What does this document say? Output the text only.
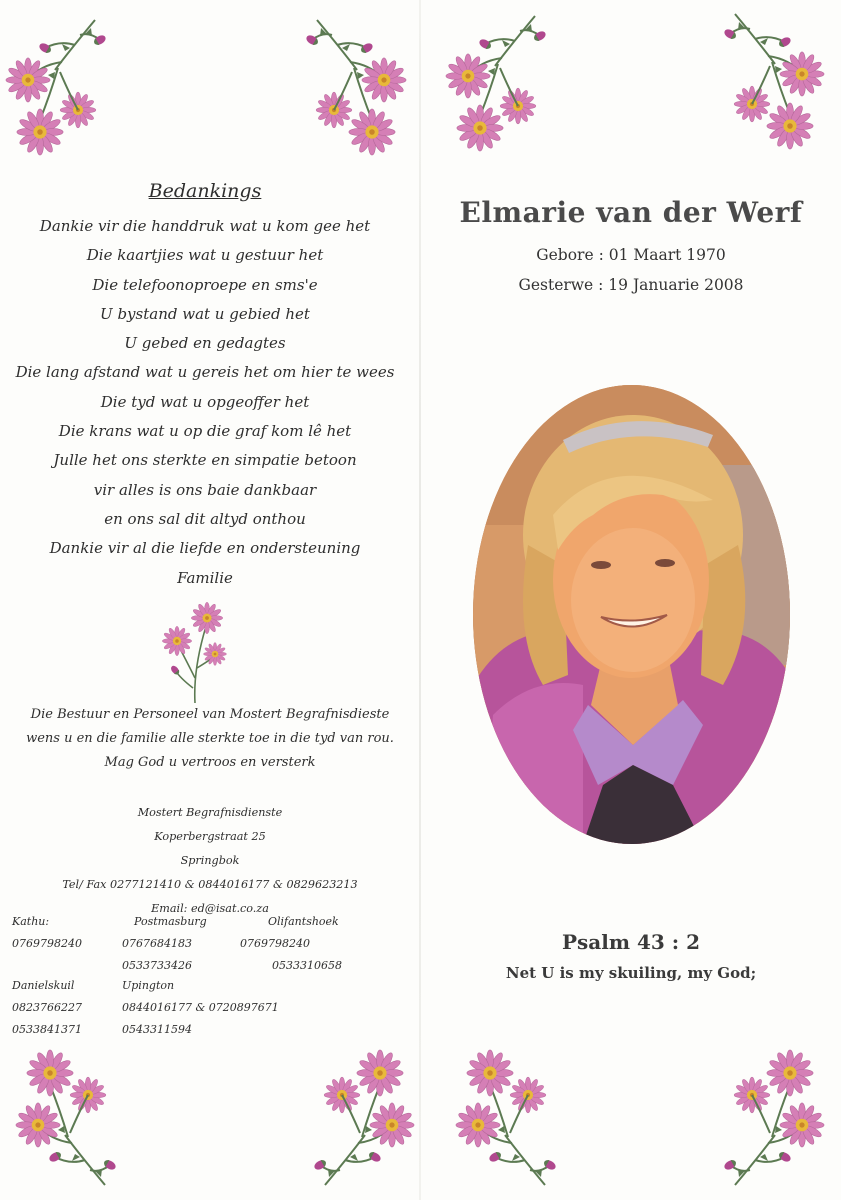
Bedankings
Dankie vir die handdruk wat u kom gee het
Die kaartjies wat u gestuur het
Die telefoonoproepe en sms'e
U bystand wat u gebied het
U gebed en gedagtes
Die lang afstand wat u gereis het om hier te wees
Die tyd wat u opgeoffer het
Die krans wat u op die graf kom lê het
Julle het ons sterkte en simpatie betoon
vir alles is ons baie dankbaar
en ons sal dit altyd onthou
Dankie vir al die liefde en ondersteuning
Familie
Die Bestuur en Personeel van Mostert Begrafnisdieste
wens u en die familie alle sterkte toe in die tyd van rou.
Mag God u vertroos en versterk
Mostert Begrafnisdienste
Koperbergstraat 25
Springbok
Tel/ Fax 0277121410 & 0844016177 & 0829623213
Email: ed@isat.co.za
Kathu:
0769798240
Postmasburg
0767684183
0533733426
Olifantshoek
0769798240
0533310658
Danielskuil
0823766227
0533841371
Upington
0844016177 & 0720897671
0543311594
Elmarie van der Werf
Gebore : 01 Maart 1970
Gesterwe : 19 Januarie 2008
Psalm 43 : 2
Net U is my skuiling, my God;
